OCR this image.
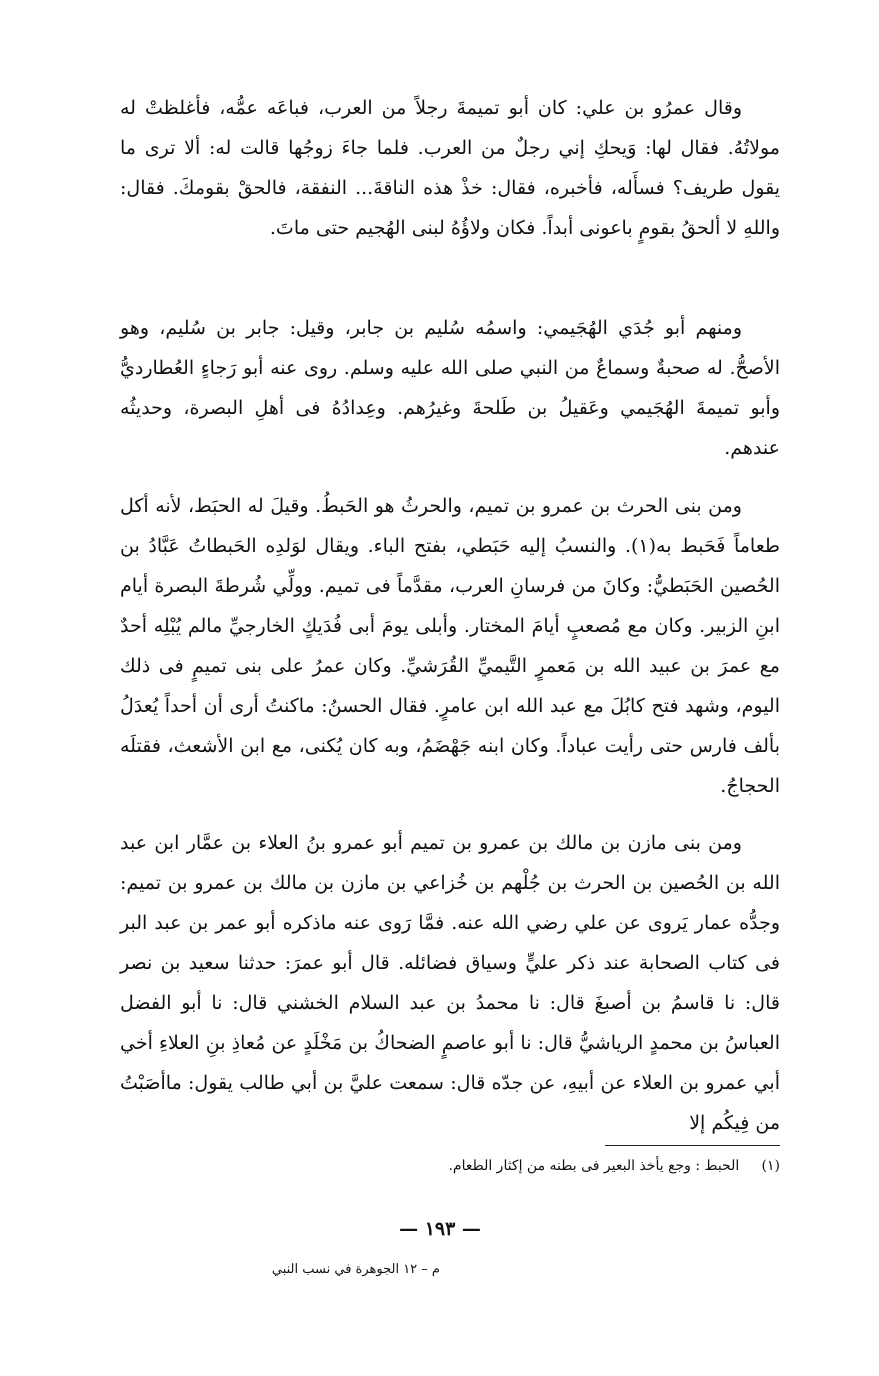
وقال عمرُو بن علي: كان أبو تميمةَ رجلاً من العرب، فباعَه عمُّه، فأغلظتْ له مولاتُهُ. فقال لها: وَيحكِ إني رجلٌ من العرب. فلما جاءَ زوجُها قالت له: ألا ترى ما يقول طريف؟ فسأَله، فأخبره، فقال: خذْ هذه الناقةَ... النفقة، فالحقْ بقومكَ. فقال: واللهِ لا ألحقُ بقومٍ باعونى أبداً. فكان ولاؤُهُ لبنى الهُجيم حتى ماتَ.

ومنهم أبو جُدَي الهُجَيمي: واسمُه سُليم بن جابر، وقيل: جابر بن سُليم، وهو الأصحُّ. له صحبةٌ وسماعٌ من النبي صلى الله عليه وسلم. روى عنه أبو رَجاءٍ العُطارديُّ وأبو تميمةَ الهُجَيمي وعَقيلُ بن طَلحةَ وغيرُهم. وعِدادُهُ فى أهلِ البصرة، وحديثُه عندهم.

ومن بنى الحرث بن عمرو بن تميم، والحرثُ هو الحَبطُ. وقيلَ له الحبَط، لأنه أكل طعاماً فَحَبط به(١). والنسبُ إليه حَبَطي، بفتح الباء. ويقال لوَلدِه الحَبطاتُ عَبَّادُ بن الحُصين الحَبَطيُّ: وكانَ من فرسانِ العرب، مقدَّماً فى تميم. وولِّي شُرطةَ البصرة أيام ابنِ الزبير. وكان مع مُصعبٍ أيامَ المختار. وأبلى يومَ أبى فُدَيكٍ الخارجيِّ مالم يُبْلِه أحدٌ مع عمرَ بن عبيد الله بن مَعمرٍ التَّيميِّ القُرَشيِّ. وكان عمرُ على بنى تميمٍ فى ذلك اليوم، وشهد فتح كابُلَ مع عبد الله ابن عامرٍ. فقال الحسنُ: ماكنتُ أرى أن أحداً يُعدَلُ بألف فارس حتى رأيت عباداً. وكان ابنه جَهْضَمُ، وبه كان يُكنى، مع ابن الأشعث، فقتلَه الحجاجُ.

ومن بنى مازن بن مالك بن عمرو بن تميم أبو عمرو بنُ العلاء بن عمَّار ابن عبد الله بن الحُصين بن الحرث بن جُلْهم بن خُزاعي بن مازن بن مالك بن عمرو بن تميم: وجدُّه عمار يَروى عن علي رضي الله عنه. فمَّا رَوى عنه ماذكره أبو عمر بن عبد البر فى كتاب الصحابة عند ذكر عليٍّ وسياق فضائله. قال أبو عمرَ: حدثنا سعيد بن نصر قال: نا قاسمُ بن أصبغَ قال: نا محمدُ بن عبد السلام الخشني قال: نا أبو الفضل العباسُ بن محمدٍ الرياشيُّ قال: نا أبو عاصمٍ الضحاكُ بن مَخْلَدٍ عن مُعاذِ بنِ العلاءِ أخي أبي عمرو بن العلاء عن أبيهِ، عن جدّه قال: سمعت عليَّ بن أبي طالب يقول: ماأصَبْتُ من فِيكُم إلا

(١)     الحبط : وجع يأخذ البعير فى بطنه من إكثار الطعام.
— ١٩٣ —
م – ١٢ الجوهرة في نسب النبي
